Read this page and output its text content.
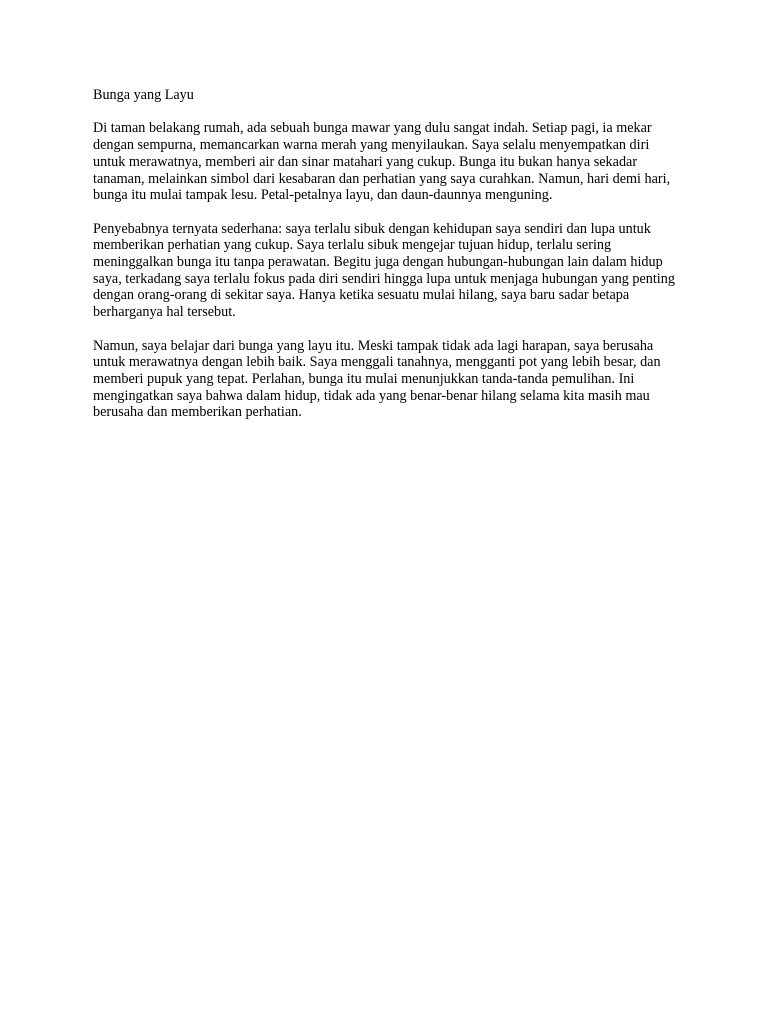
Bunga yang Layu

Di taman belakang rumah, ada sebuah bunga mawar yang dulu sangat indah. Setiap pagi, ia mekar dengan sempurna, memancarkan warna merah yang menyilaukan. Saya selalu menyempatkan diri untuk merawatnya, memberi air dan sinar matahari yang cukup. Bunga itu bukan hanya sekadar tanaman, melainkan simbol dari kesabaran dan perhatian yang saya curahkan. Namun, hari demi hari, bunga itu mulai tampak lesu. Petal-petalnya layu, dan daun-daunnya menguning.

Penyebabnya ternyata sederhana: saya terlalu sibuk dengan kehidupan saya sendiri dan lupa untuk memberikan perhatian yang cukup. Saya terlalu sibuk mengejar tujuan hidup, terlalu sering meninggalkan bunga itu tanpa perawatan. Begitu juga dengan hubungan-hubungan lain dalam hidup saya, terkadang saya terlalu fokus pada diri sendiri hingga lupa untuk menjaga hubungan yang penting dengan orang-orang di sekitar saya. Hanya ketika sesuatu mulai hilang, saya baru sadar betapa berharganya hal tersebut.

Namun, saya belajar dari bunga yang layu itu. Meski tampak tidak ada lagi harapan, saya berusaha untuk merawatnya dengan lebih baik. Saya menggali tanahnya, mengganti pot yang lebih besar, dan memberi pupuk yang tepat. Perlahan, bunga itu mulai menunjukkan tanda-tanda pemulihan. Ini mengingatkan saya bahwa dalam hidup, tidak ada yang benar-benar hilang selama kita masih mau berusaha dan memberikan perhatian.
